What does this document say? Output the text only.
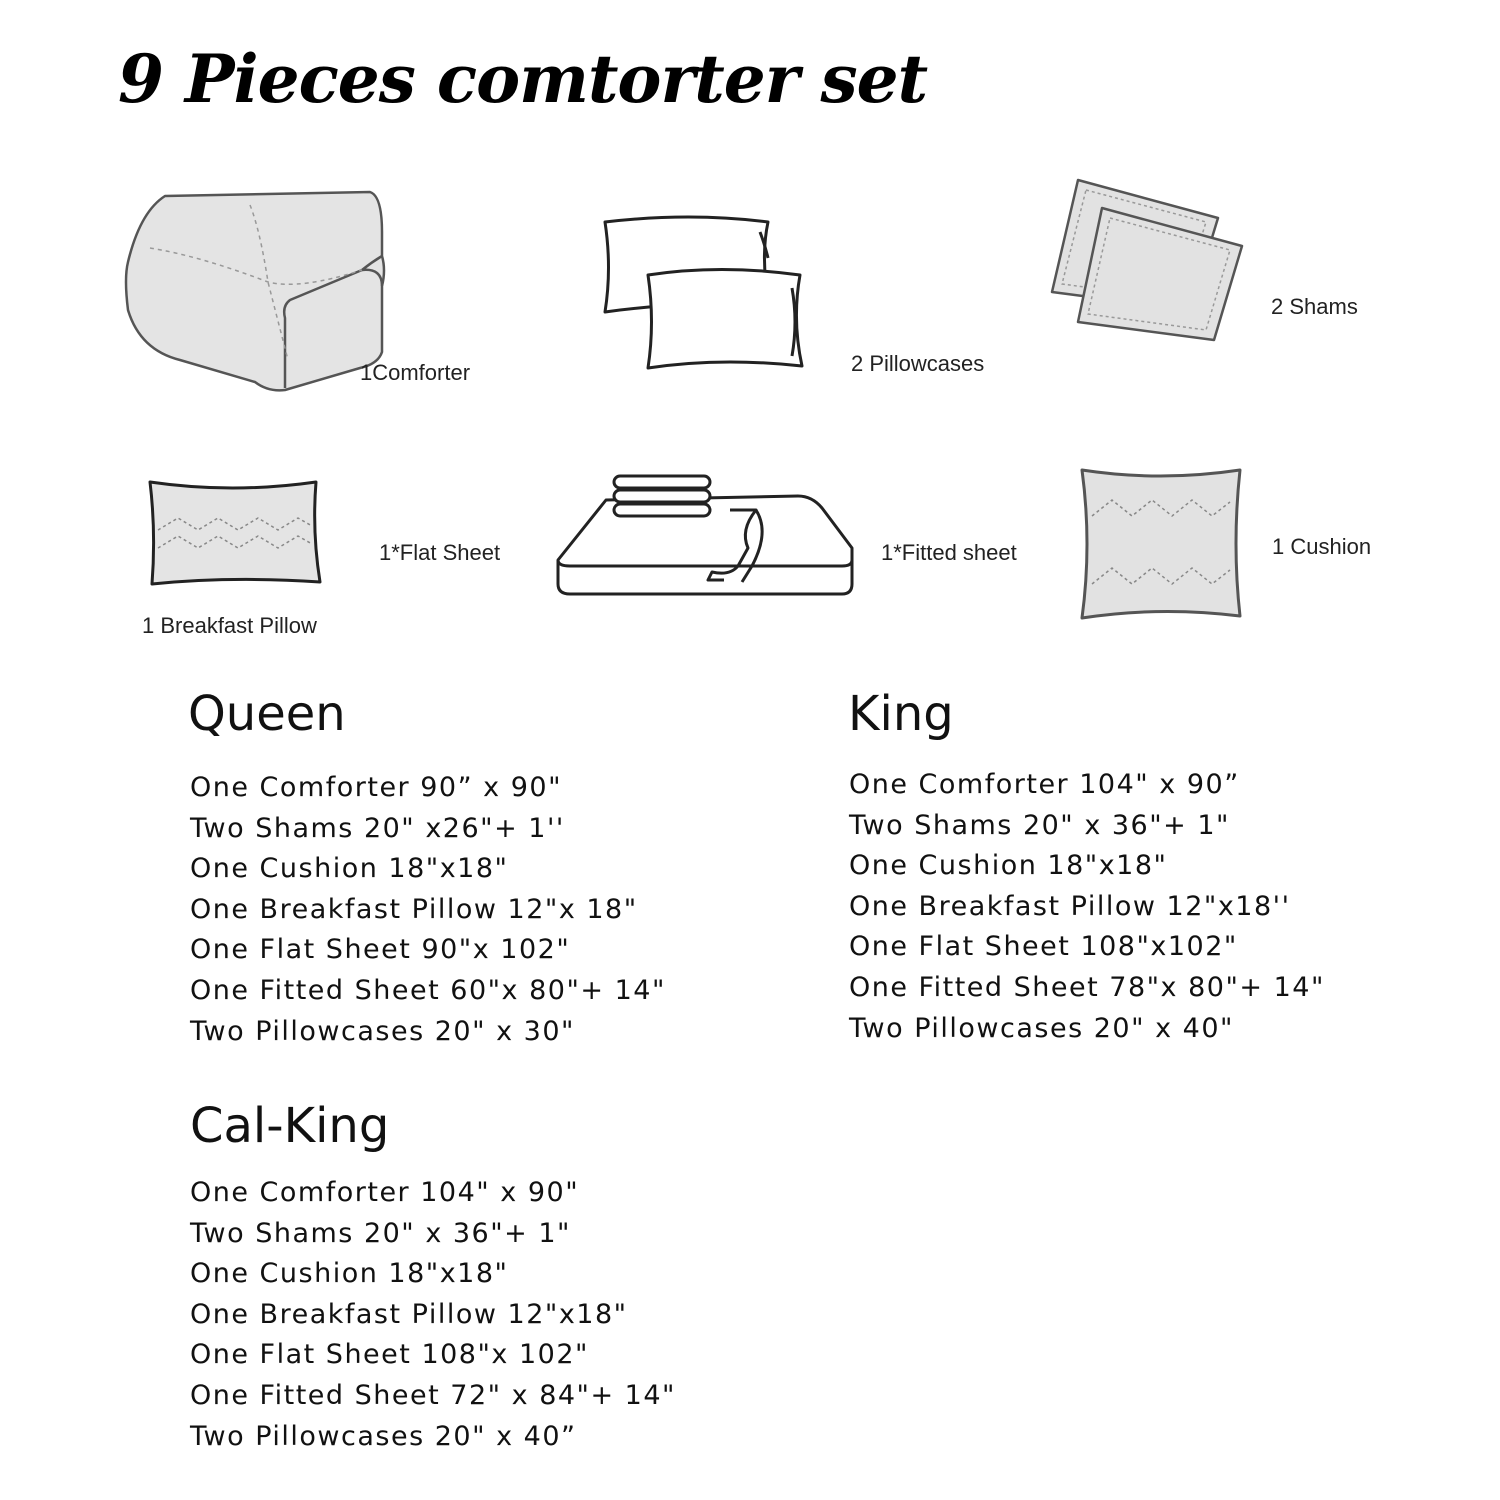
9 Pieces comtorter set
1Comforter	2 Pillowcases
2 Shams
1 Breakfast Pillow
1*Flat Sheet	1*Fitted sheet	1 Cushion
Queen
One Comforter 90” x 90"
Two Shams 20" x26"+ 1''
One Cushion 18"x18"
One Breakfast Pillow 12"x 18"
One Flat Sheet 90"x 102"
One Fitted Sheet 60"x 80"+ 14"
Two Pillowcases 20" x 30"
King
One Comforter 104" x 90”
Two Shams 20" x 36"+ 1"
One Cushion 18"x18"
One Breakfast Pillow 12"x18''
One Flat Sheet 108"x102"
One Fitted Sheet 78"x 80"+ 14"
Two Pillowcases 20" x 40"
Cal-King
One Comforter 104" x 90"
Two Shams 20" x 36"+ 1"
One Cushion 18"x18"
One Breakfast Pillow 12"x18"
One Flat Sheet 108"x 102"
One Fitted Sheet 72" x 84"+ 14"
Two Pillowcases 20" x 40”
